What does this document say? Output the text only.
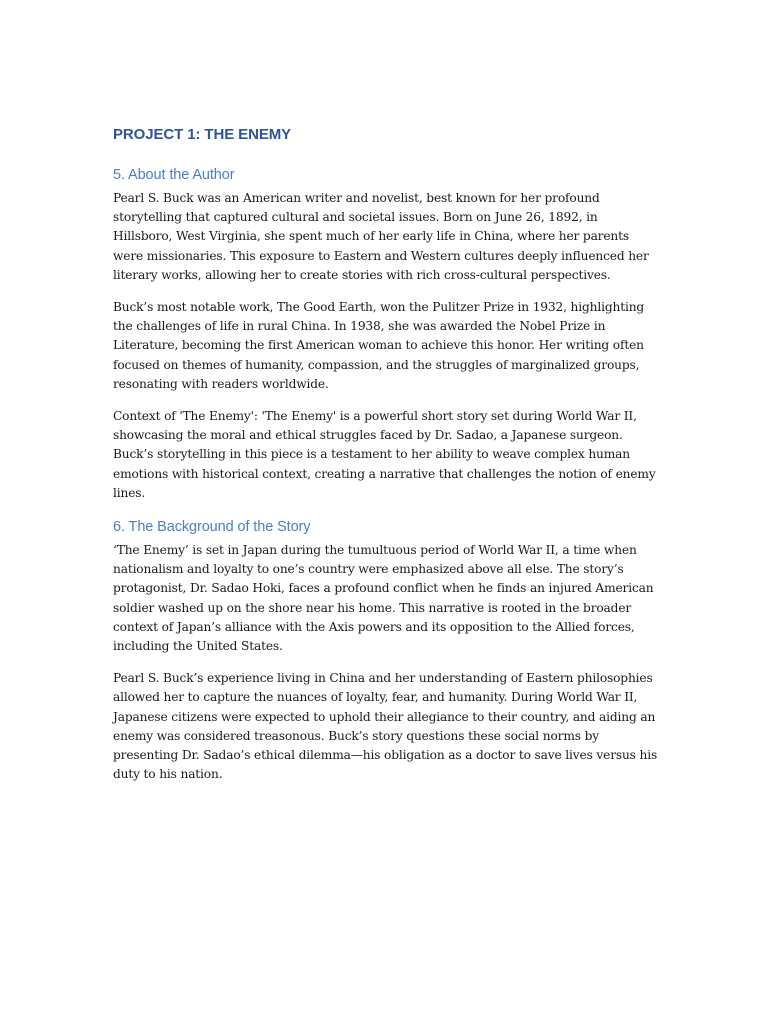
PROJECT 1: THE ENEMY
5. About the Author

Pearl S. Buck was an American writer and novelist, best known for her profound storytelling that captured cultural and societal issues. Born on June 26, 1892, in Hillsboro, West Virginia, she spent much of her early life in China, where her parents were missionaries. This exposure to Eastern and Western cultures deeply influenced her literary works, allowing her to create stories with rich cross-cultural perspectives.

Buck’s most notable work, The Good Earth, won the Pulitzer Prize in 1932, highlighting the challenges of life in rural China. In 1938, she was awarded the Nobel Prize in Literature, becoming the first American woman to achieve this honor. Her writing often focused on themes of humanity, compassion, and the struggles of marginalized groups, resonating with readers worldwide.

Context of 'The Enemy': 'The Enemy' is a powerful short story set during World War II, showcasing the moral and ethical struggles faced by Dr. Sadao, a Japanese surgeon. Buck’s storytelling in this piece is a testament to her ability to weave complex human emotions with historical context, creating a narrative that challenges the notion of enemy lines.

6. The Background of the Story

‘The Enemy’ is set in Japan during the tumultuous period of World War II, a time when nationalism and loyalty to one’s country were emphasized above all else. The story’s protagonist, Dr. Sadao Hoki, faces a profound conflict when he finds an injured American soldier washed up on the shore near his home. This narrative is rooted in the broader context of Japan’s alliance with the Axis powers and its opposition to the Allied forces, including the United States.

Pearl S. Buck’s experience living in China and her understanding of Eastern philosophies allowed her to capture the nuances of loyalty, fear, and humanity. During World War II, Japanese citizens were expected to uphold their allegiance to their country, and aiding an enemy was considered treasonous. Buck’s story questions these social norms by presenting Dr. Sadao’s ethical dilemma—his obligation as a doctor to save lives versus his duty to his nation.
